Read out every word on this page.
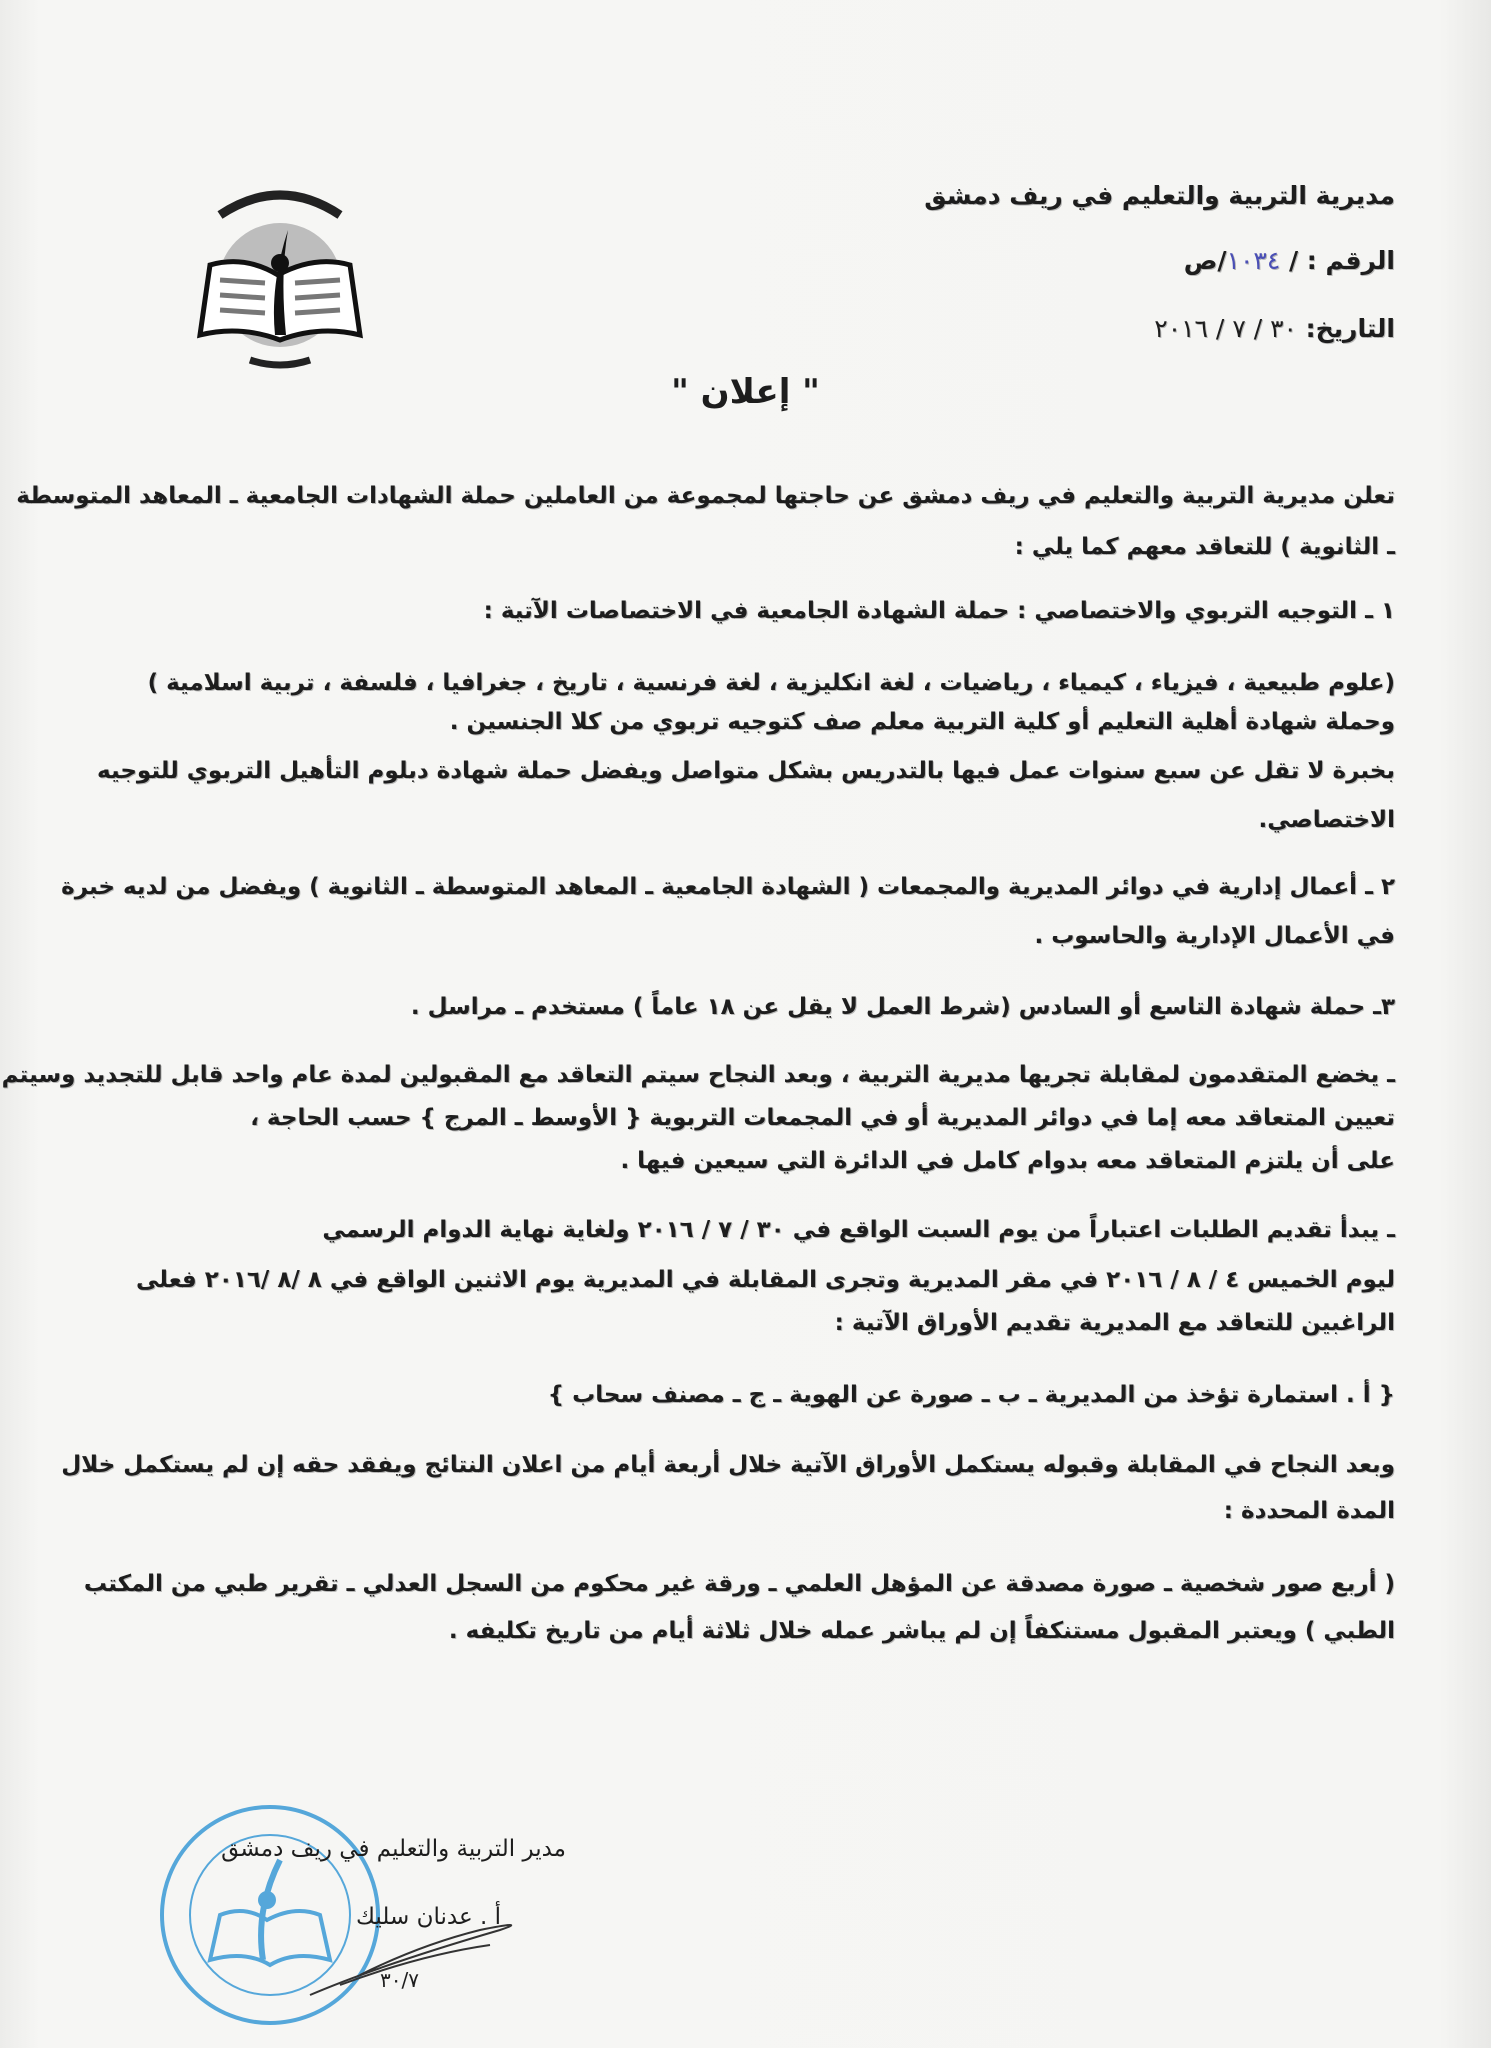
مديرية التربية والتعليم في ريف دمشق
الرقم : / ١٠٣٤/ص
التاريخ: ٣٠ / ٧ / ٢٠١٦
" إعلان "
تعلن مديرية التربية والتعليم في ريف دمشق عن حاجتها لمجموعة من العاملين حملة الشهادات الجامعية ـ المعاهد المتوسطة
ـ الثانوية ) للتعاقد معهم كما يلي :
١ ـ التوجيه التربوي والاختصاصي : حملة الشهادة الجامعية في الاختصاصات الآتية :
(علوم طبيعية ، فيزياء ، كيمياء ، رياضيات ، لغة انكليزية ، لغة فرنسية ، تاريخ ، جغرافيا ، فلسفة ، تربية اسلامية )
وحملة شهادة أهلية التعليم أو كلية التربية معلم صف كتوجيه تربوي من كلا الجنسين .
بخبرة لا تقل عن سبع سنوات عمل فيها بالتدريس بشكل متواصل ويفضل حملة شهادة دبلوم التأهيل التربوي للتوجيه
الاختصاصي.
٢ ـ أعمال إدارية في دوائر المديرية والمجمعات ( الشهادة الجامعية ـ المعاهد المتوسطة ـ الثانوية ) ويفضل من لديه خبرة
في الأعمال الإدارية والحاسوب .
٣ـ حملة شهادة التاسع أو السادس (شرط العمل لا يقل عن ١٨ عاماً ) مستخدم ـ مراسل .
ـ يخضع المتقدمون لمقابلة تجريها مديرية التربية ، وبعد النجاح سيتم التعاقد مع المقبولين لمدة عام واحد قابل للتجديد وسيتم
تعيين المتعاقد معه إما في دوائر المديرية أو في المجمعات التربوية { الأوسط ـ المرج } حسب الحاجة ،
على أن يلتزم المتعاقد معه بدوام كامل في الدائرة التي سيعين فيها .
ـ يبدأ تقديم الطلبات اعتباراً من يوم السبت الواقع في ٣٠ / ٧ / ٢٠١٦ ولغاية نهاية الدوام الرسمي
ليوم الخميس ٤ / ٨ / ٢٠١٦ في مقر المديرية وتجرى المقابلة في المديرية يوم الاثنين الواقع في ٨ /٨ /٢٠١٦ فعلى
الراغبين للتعاقد مع المديرية تقديم الأوراق الآتية :
{ أ . استمارة تؤخذ من المديرية ـ ب ـ صورة عن الهوية ـ ج ـ مصنف سحاب }
وبعد النجاح في المقابلة وقبوله يستكمل الأوراق الآتية خلال أربعة أيام من اعلان النتائج ويفقد حقه إن لم يستكمل خلال
المدة المحددة :
( أربع صور شخصية ـ صورة مصدقة عن المؤهل العلمي ـ ورقة غير محكوم من السجل العدلي ـ تقرير طبي من المكتب
الطبي ) ويعتبر المقبول مستنكفاً إن لم يباشر عمله خلال ثلاثة أيام من تاريخ تكليفه .
مدير التربية والتعليم في ريف دمشق
أ . عدنان سليك
٣٠/٧
